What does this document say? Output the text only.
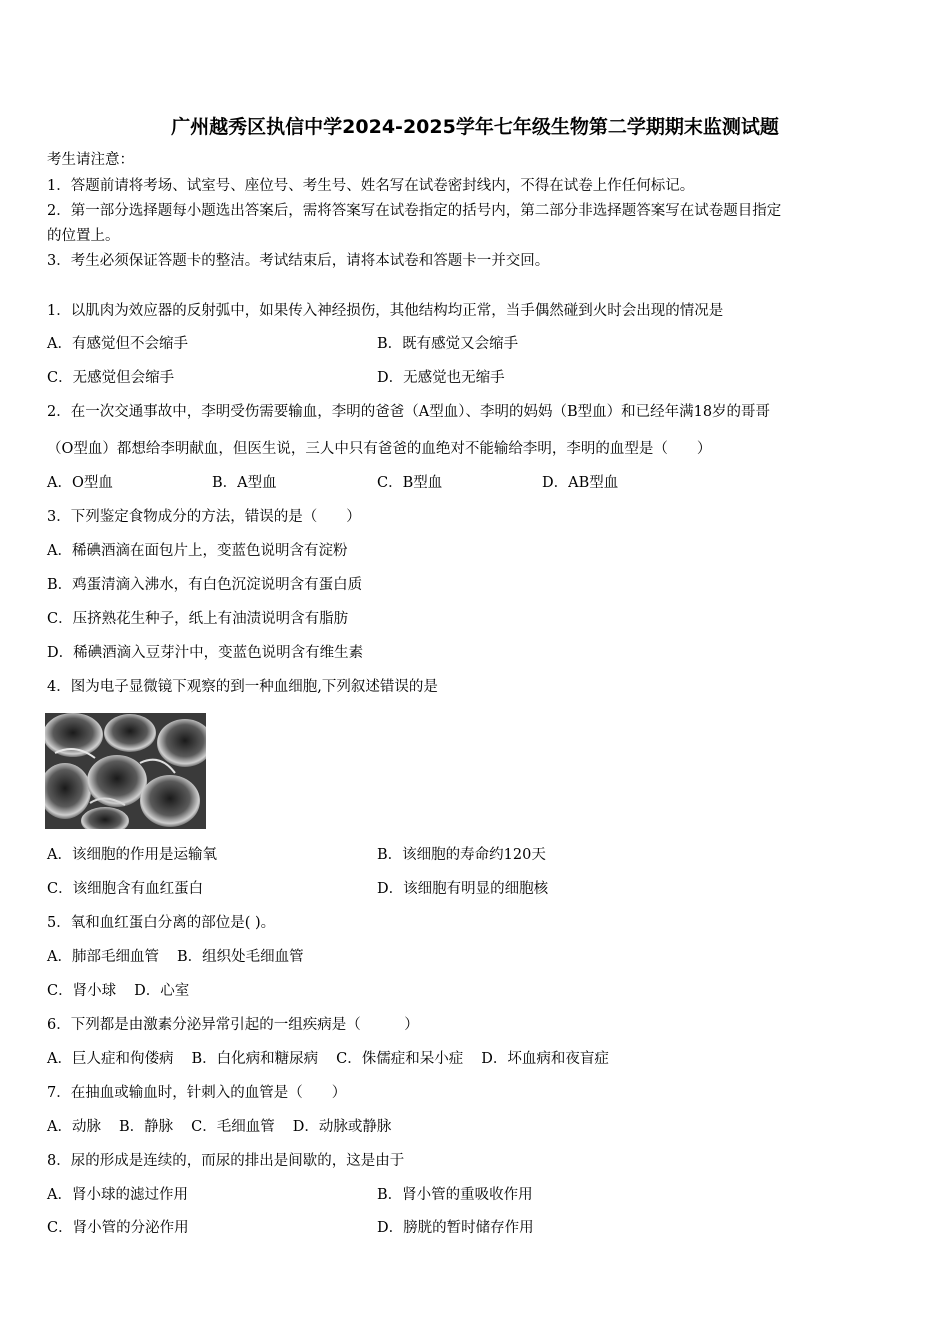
广州越秀区执信中学2024-2025学年七年级生物第二学期期末监测试题
考生请注意：
1．答题前请将考场、试室号、座位号、考生号、姓名写在试卷密封线内，不得在试卷上作任何标记。
2．第一部分选择题每小题选出答案后，需将答案写在试卷指定的括号内，第二部分非选择题答案写在试卷题目指定
的位置上。
3．考生必须保证答题卡的整洁。考试结束后，请将本试卷和答题卡一并交回。
1．以肌肉为效应器的反射弧中，如果传入神经损伤，其他结构均正常，当手偶然碰到火时会出现的情况是
A．有感觉但不会缩手	B．既有感觉又会缩手
C．无感觉但会缩手	D．无感觉也无缩手
2．在一次交通事故中，李明受伤需要输血，李明的爸爸（A型血）、李明的妈妈（B型血）和已经年满18岁的哥哥
（O型血）都想给李明献血，但医生说，三人中只有爸爸的血绝对不能输给李明，李明的血型是（　　）
A．O型血	B．A型血	C．B型血	D．AB型血
3．下列鉴定食物成分的方法，错误的是（　　）
A．稀碘酒滴在面包片上，变蓝色说明含有淀粉
B．鸡蛋清滴入沸水，有白色沉淀说明含有蛋白质
C．压挤熟花生种子，纸上有油渍说明含有脂肪
D．稀碘酒滴入豆芽汁中，变蓝色说明含有维生素
4．图为电子显微镜下观察的到一种血细胞,下列叙述错误的是
A．该细胞的作用是运输氧	B．该细胞的寿命约120天
C．该细胞含有血红蛋白	D．该细胞有明显的细胞核
5．氧和血红蛋白分离的部位是( )。
A．肺部毛细血管 B．组织处毛细血管
C．肾小球 D．心室
6．下列都是由激素分泌异常引起的一组疾病是（　　　）
A．巨人症和佝偻病 B．白化病和糖尿病 C．侏儒症和呆小症 D．坏血病和夜盲症
7．在抽血或输血时，针刺入的血管是（　　）
A．动脉 B．静脉 C．毛细血管 D．动脉或静脉
8．尿的形成是连续的，而尿的排出是间歇的，这是由于
A．肾小球的滤过作用	B．肾小管的重吸收作用
C．肾小管的分泌作用	D．膀胱的暂时储存作用
